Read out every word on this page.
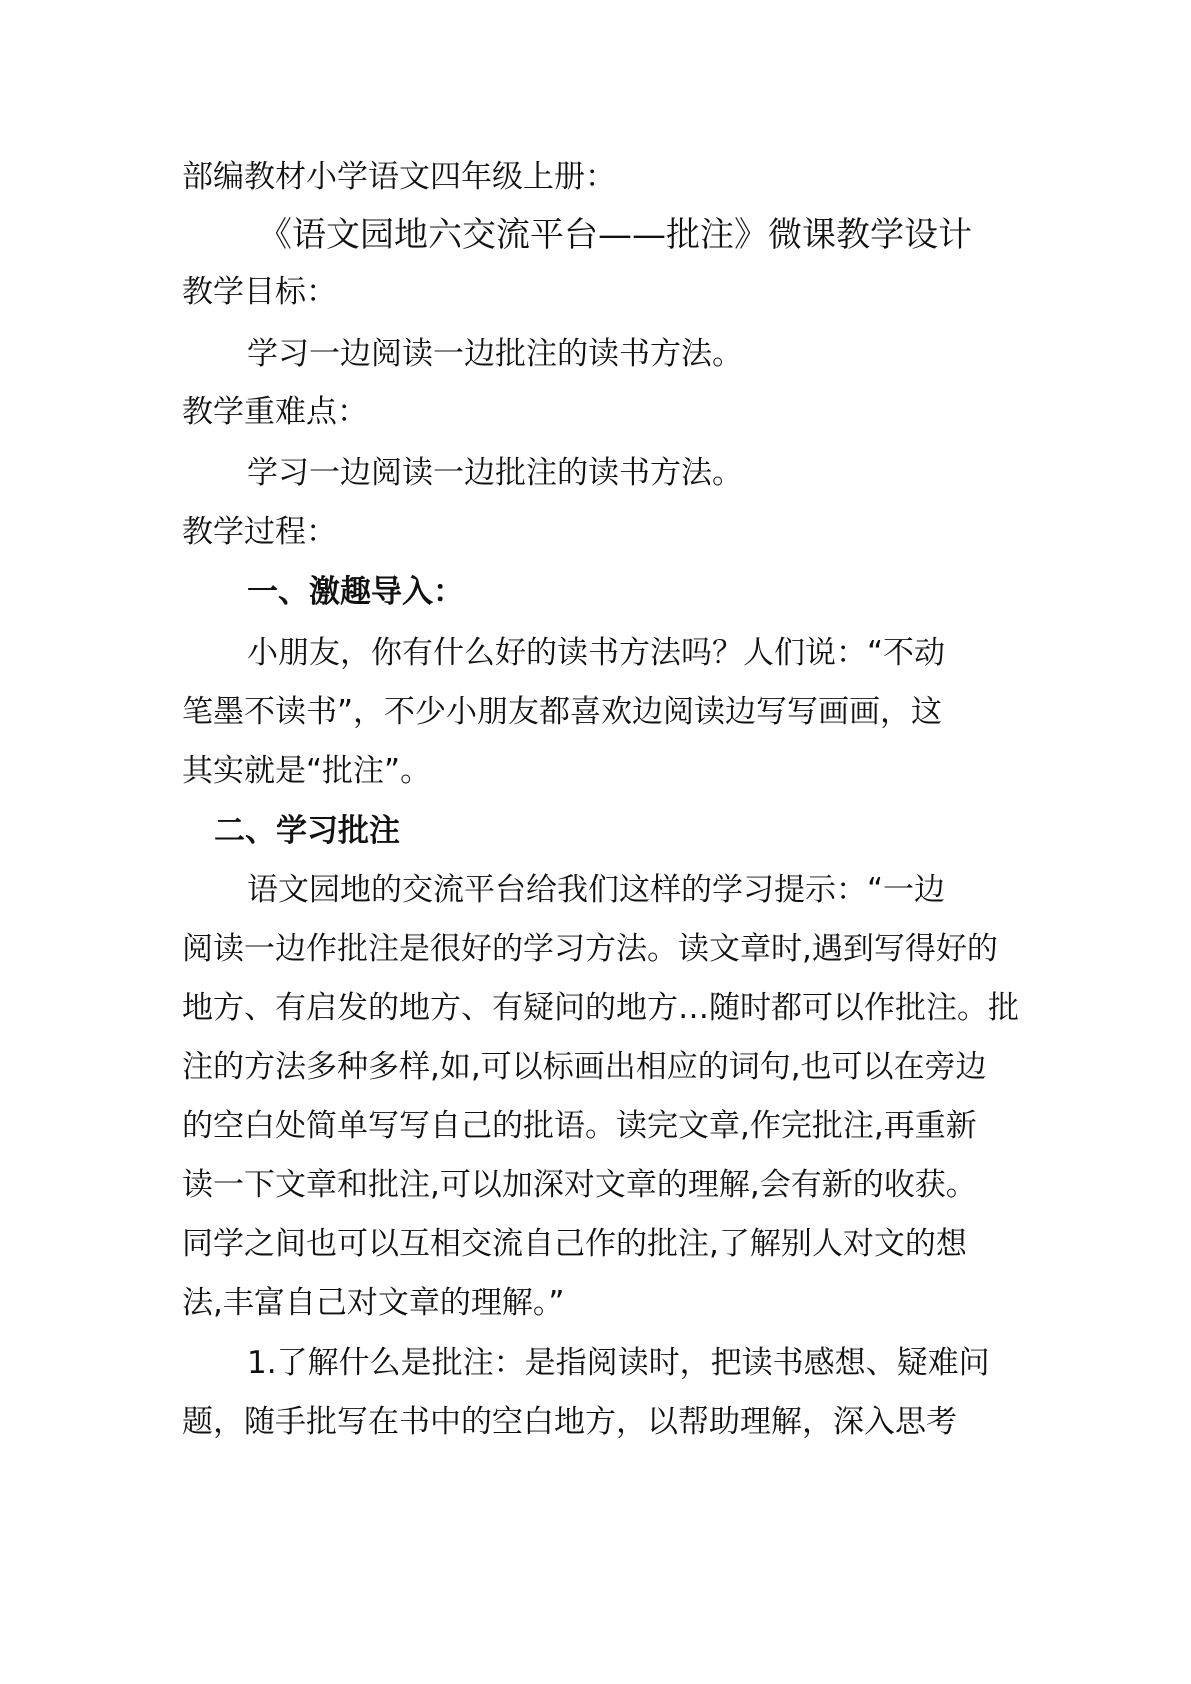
部编教材小学语文四年级上册：
《语文园地六交流平台——批注》微课教学设计
教学目标：
学习一边阅读一边批注的读书方法。
教学重难点：
学习一边阅读一边批注的读书方法。
教学过程：
一、激趣导入：
小朋友，你有什么好的读书方法吗？人们说：“不动
笔墨不读书”，不少小朋友都喜欢边阅读边写写画画，这
其实就是“批注”。
二、学习批注
语文园地的交流平台给我们这样的学习提示：“一边
阅读一边作批注是很好的学习方法。读文章时,遇到写得好的
地方、有启发的地方、有疑问的地方…随时都可以作批注。批
注的方法多种多样,如,可以标画出相应的词句,也可以在旁边
的空白处简单写写自己的批语。读完文章,作完批注,再重新
读一下文章和批注,可以加深对文章的理解,会有新的收获。
同学之间也可以互相交流自己作的批注,了解别人对文的想
法,丰富自己对文章的理解。”
1.了解什么是批注：是指阅读时，把读书感想、疑难问
题，随手批写在书中的空白地方，以帮助理解，深入思考
